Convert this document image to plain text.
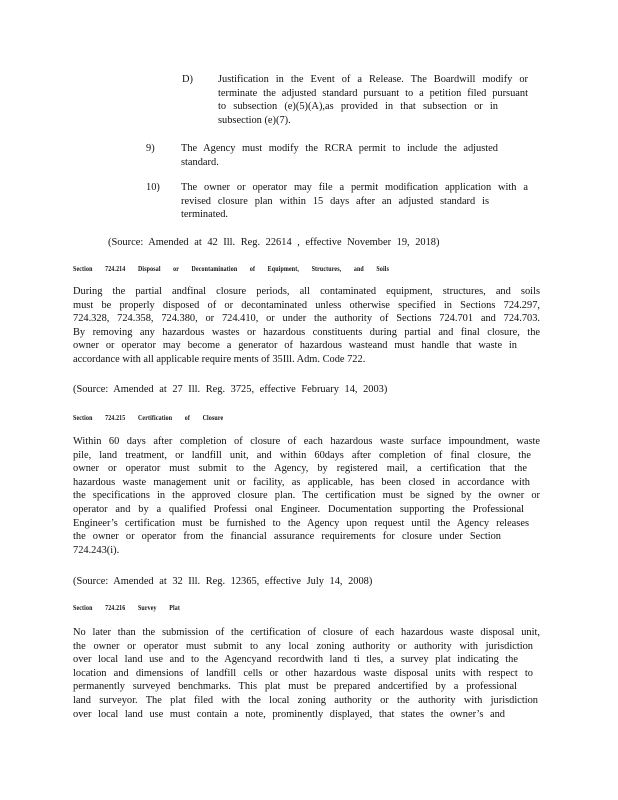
D) Justification in the Event of a Release. The Boardwill modify or
terminate the adjusted standard pursuant to a petition filed pursuant
to subsection (e)(5)(A),as provided in that subsection or in
subsection (e)(7).
9)	The Agency must modify the RCRA permit to include the adjusted
standard.
10) The owner or operator may file a permit modification application with a
revised closure plan within 15 days after an adjusted standard is
terminated.
(Source: Amended at 42 Ill. Reg. 22614 , effective November 19, 2018)
Section 724.214 Disposal or Decontamination of Equipment, Structures, and Soils
During the partial andfinal closure periods, all contaminated equipment, structures, and soils
must be properly disposed of or decontaminated unless otherwise specified in Sections 724.297,
724.328, 724.358, 724.380, or 724.410, or under the authority of Sections 724.701 and 724.703.
By removing any hazardous wastes or hazardous constituents during partial and final closure, the
owner or operator may become a generator of hazardous wasteand must handle that waste in
accordance with all applicable require ments of 35Ill. Adm. Code 722.
(Source: Amended at 27 Ill. Reg. 3725, effective February 14, 2003)
Section 724.215 Certification of Closure
Within 60 days after completion of closure of each hazardous waste surface impoundment, waste
pile, land treatment, or landfill unit, and within 60days after completion of final closure, the
owner or operator must submit to the Agency, by registered mail, a certification that the
hazardous waste management unit or facility, as applicable, has been closed in accordance with
the specifications in the approved closure plan. The certification must be signed by the owner or
operator and by a qualified Professi onal Engineer. Documentation supporting the Professional
Engineer’s certification must be furnished to the Agency upon request until the Agency releases
the owner or operator from the financial assurance requirements for closure under Section
724.243(i).
(Source: Amended at 32 Ill. Reg. 12365, effective July 14, 2008)
Section 724.216 Survey Plat
No later than the submission of the certification of closure of each hazardous waste disposal unit,
the owner or operator must submit to any local zoning authority or authority with jurisdiction
over local land use and to the Agencyand recordwith land ti tles, a survey plat indicating the
location and dimensions of landfill cells or other hazardous waste disposal units with respect to
permanently surveyed benchmarks. This plat must be prepared andcertified by a professional
land surveyor. The plat filed with the local zoning authority or the authority with jurisdiction
over local land use must contain a note, prominently displayed, that states the owner’s and
